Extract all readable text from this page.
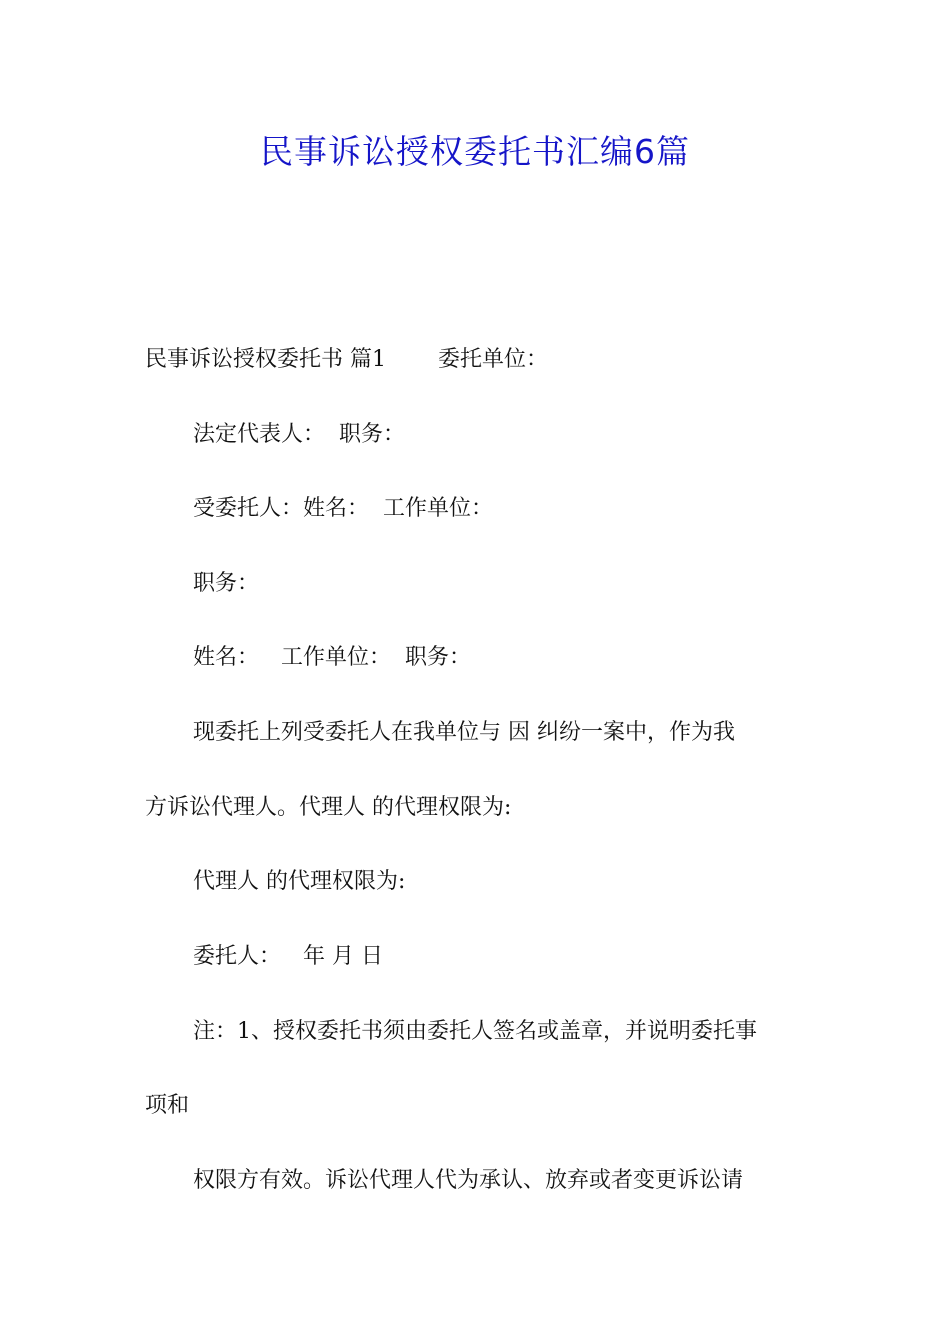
民事诉讼授权委托书汇编6篇

民事诉讼授权委托书 篇1 委托单位：

法定代表人： 职务：

受委托人：姓名： 工作单位：

职务：

姓名： 工作单位： 职务：

现委托上列受委托人在我单位与 因 纠纷一案中，作为我

方诉讼代理人。代理人 的代理权限为:

代理人 的代理权限为:

委托人： 年 月 日

注：1、授权委托书须由委托人签名或盖章，并说明委托事

项和

权限方有效。诉讼代理人代为承认、放弃或者变更诉讼请
